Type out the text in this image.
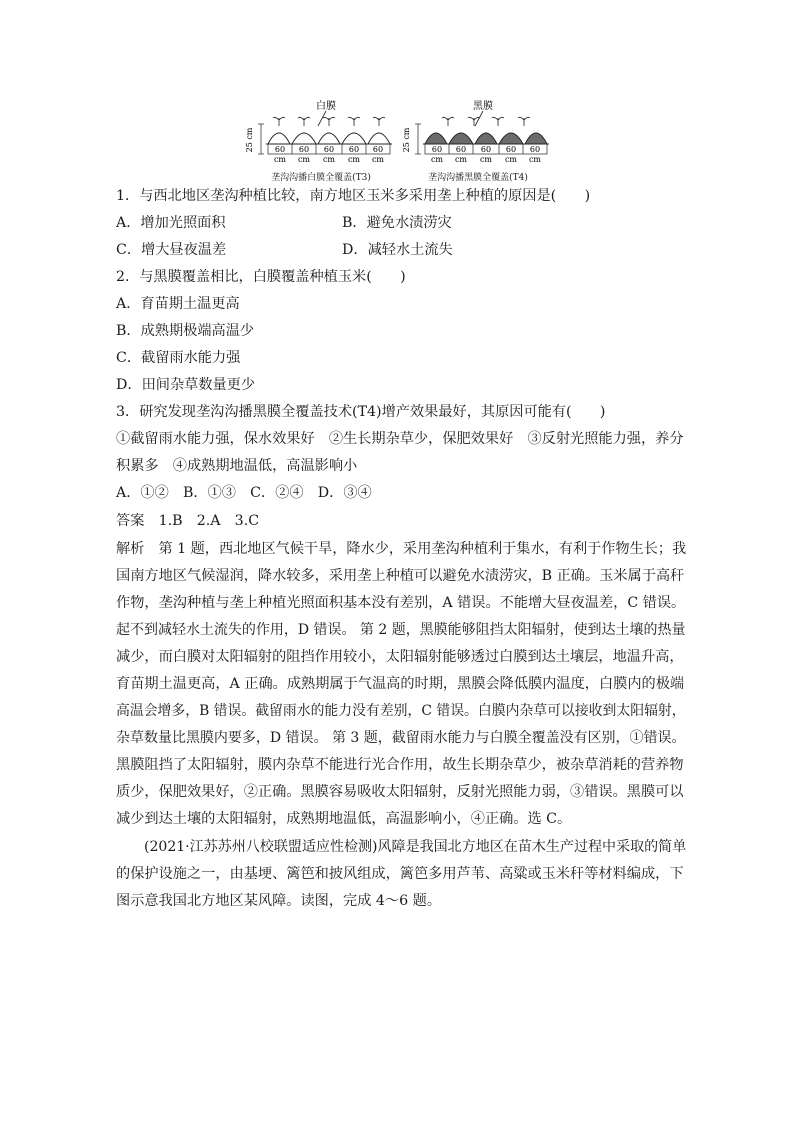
白膜
25 cm	60 60 60 60 60
cm cm cm cm cm
垄沟沟播白膜全覆盖(T3)
黑膜
25 cm	60 60 60 60 60
cm cm cm cm cm
垄沟沟播黑膜全覆盖(T4)
1．与西北地区垄沟种植比较，南方地区玉米多采用垄上种植的原因是(　　)
A．增加光照面积	B．避免水渍涝灾
C．增大昼夜温差	D．减轻水土流失
2．与黑膜覆盖相比，白膜覆盖种植玉米(　　)
A．育苗期土温更高
B．成熟期极端高温少
C．截留雨水能力强
D．田间杂草数量更少
3．研究发现垄沟沟播黑膜全覆盖技术(T4)增产效果最好，其原因可能有(　　)
①截留雨水能力强，保水效果好　②生长期杂草少，保肥效果好　③反射光照能力强，养分
积累多　④成熟期地温低，高温影响小
A．①②　B．①③　C．②④　D．③④
答案　1.B　2.A　3.C
解析　第 1 题，西北地区气候干旱，降水少，采用垄沟种植利于集水，有利于作物生长；我
国南方地区气候湿润，降水较多，采用垄上种植可以避免水渍涝灾，B 正确。玉米属于高秆
作物，垄沟种植与垄上种植光照面积基本没有差别，A 错误。不能增大昼夜温差，C 错误。
起不到减轻水土流失的作用，D 错误。 第 2 题，黑膜能够阻挡太阳辐射，使到达土壤的热量
减少，而白膜对太阳辐射的阻挡作用较小，太阳辐射能够透过白膜到达土壤层，地温升高，
育苗期土温更高，A 正确。成熟期属于气温高的时期，黑膜会降低膜内温度，白膜内的极端
高温会增多，B 错误。截留雨水的能力没有差别，C 错误。白膜内杂草可以接收到太阳辐射，
杂草数量比黑膜内要多，D 错误。 第 3 题，截留雨水能力与白膜全覆盖没有区别，①错误。
黑膜阻挡了太阳辐射，膜内杂草不能进行光合作用，故生长期杂草少，被杂草消耗的营养物
质少，保肥效果好，②正确。黑膜容易吸收太阳辐射，反射光照能力弱，③错误。黑膜可以
减少到达土壤的太阳辐射，成熟期地温低，高温影响小，④正确。选 C。
(2021·江苏苏州八校联盟适应性检测)风障是我国北方地区在苗木生产过程中采取的简单
的保护设施之一，由基埂、篱笆和披风组成，篱笆多用芦苇、高粱或玉米秆等材料编成，下
图示意我国北方地区某风障。读图，完成 4～6 题。
